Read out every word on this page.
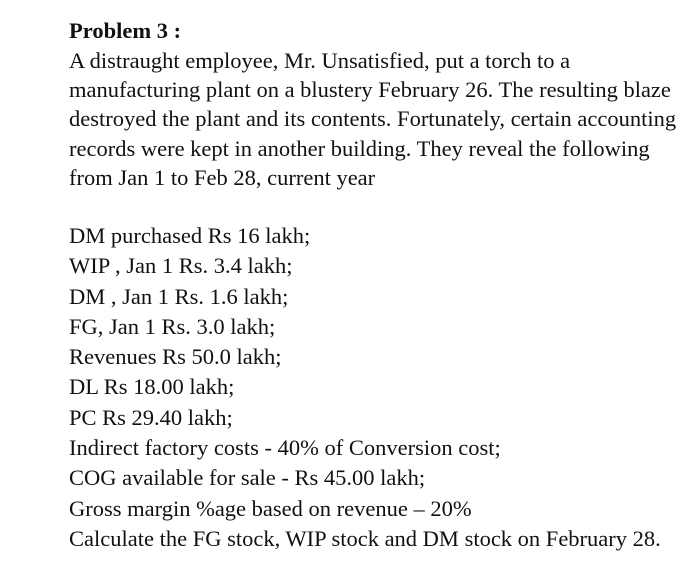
Problem 3 :

A distraught employee, Mr. Unsatisfied, put a torch to a manufacturing plant on a blustery February 26. The resulting blaze destroyed the plant and its contents. Fortunately, certain accounting records were kept in another building. They reveal the following from Jan 1 to Feb 28, current year

DM purchased Rs 16 lakh;

WIP , Jan 1 Rs. 3.4 lakh;

DM , Jan 1 Rs. 1.6 lakh;

FG, Jan 1 Rs. 3.0 lakh;

Revenues Rs 50.0 lakh;

DL Rs 18.00 lakh;

PC Rs 29.40 lakh;

Indirect factory costs - 40% of Conversion cost;

COG available for sale - Rs 45.00 lakh;

Gross margin %age based on revenue – 20%

Calculate the FG stock, WIP stock and DM stock on February 28.
